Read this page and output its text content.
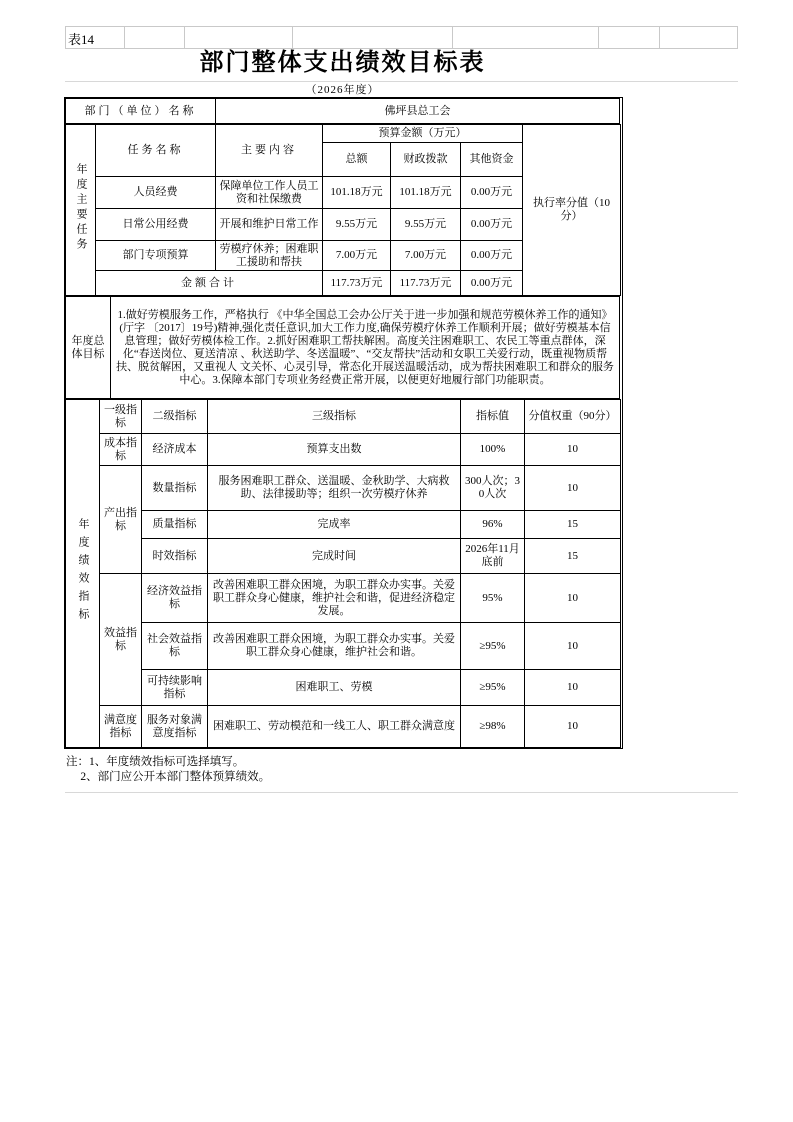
表14
部门整体支出绩效目标表
（2026年度）
部门（单位）名称	佛坪县总工会
年度主要任务	任务名称	主要内容	预算金额（万元）			执行率分值（10分）
			总额	财政拨款	其他资金	
	人员经费	保障单位工作人员工资和社保缴费	101.18万元	101.18万元	0.00万元	
	日常公用经费	开展和维护日常工作	9.55万元	9.55万元	0.00万元	
	部门专项预算	劳模疗休养；困难职工援助和帮扶	7.00万元	7.00万元	0.00万元	
	金额合计		117.73万元	117.73万元	0.00万元	
年度总体目标	1.做好劳模服务工作，严格执行 《中华全国总工会办公厅关于进一步加强和规范劳模休养工作的通知》(厅字 〔2017〕19号)精神,强化责任意识,加大工作力度,确保劳模疗休养工作顺利开展；做好劳模基本信息管理；做好劳模体检工作。2.抓好困难职工帮扶解困。高度关注困难职工、农民工等重点群体，深化“春送岗位、夏送清凉 、秋送助学、冬送温暖”、“交友帮扶”活动和女职工关爱行动，既重视物质帮扶、脱贫解困，又重视人 文关怀、心灵引导，常态化开展送温暖活动，成为帮扶困难职工和群众的服务中心。3.保障本部门专项业务经费正常开展，以便更好地履行部门功能职责。
年度绩效指标	一级指标	二级指标	三级指标	指标值	分值权重（90分）
	成本指标	经济成本	预算支出数	100%	10
	产出指标	数量指标	服务困难职工群众、送温暖、金秋助学、大病救助、法律援助等；组织一次劳模疗休养	300人次；30人次	10
		质量指标	完成率	96%	15
		时效指标	完成时间	2026年11月底前	15
	效益指标	经济效益指标	改善困难职工群众困境，为职工群众办实事。关爱职工群众身心健康，维护社会和谐，促进经济稳定发展。	95%	10
		社会效益指标	改善困难职工群众困境，为职工群众办实事。关爱职工群众身心健康，维护社会和谐。	≥95%	10
		可持续影响指标	困难职工、劳模	≥95%	10
	满意度指标	服务对象满意度指标	困难职工、劳动模范和一线工人、职工群众满意度	≥98%	10
注： 1、年度绩效指标可选择填写。

2、部门应公开本部门整体预算绩效。
